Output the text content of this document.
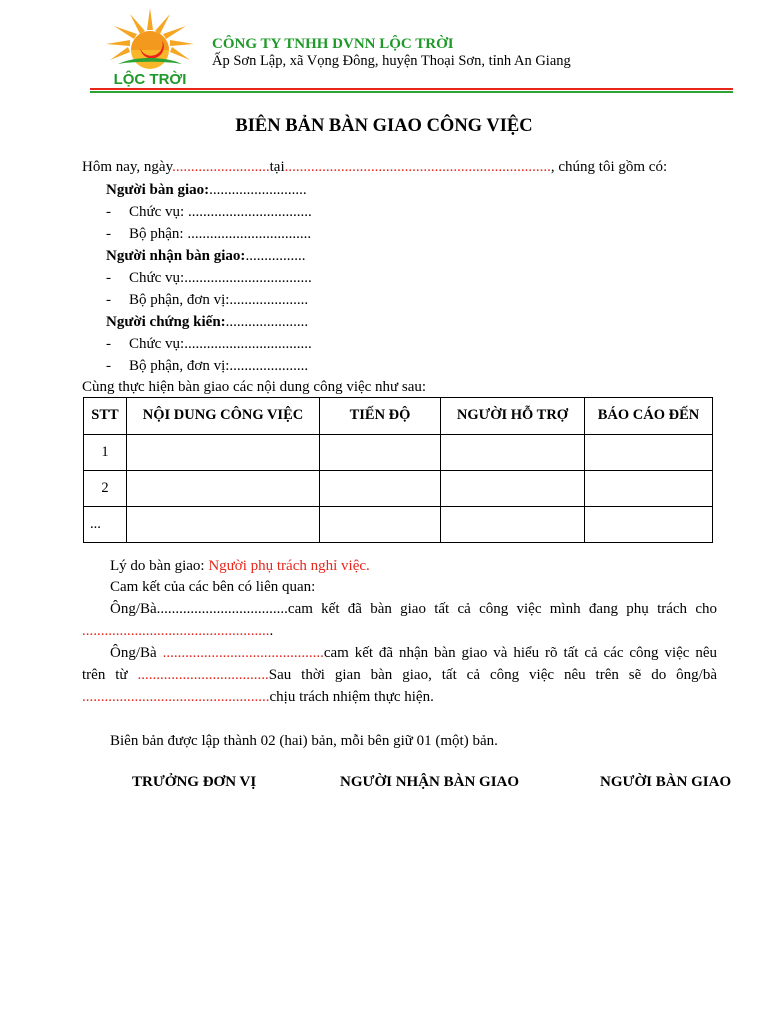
LỘC TRỜI
CÔNG TY TNHH DVNN LỘC TRỜI
Ấp Sơn Lập, xã Vọng Đông, huyện Thoại Sơn, tỉnh An Giang
BIÊN BẢN BÀN GIAO CÔNG VIỆC
Hôm nay, ngày..........................tại......................................................................., chúng tôi gồm có:
Người bàn giao:..........................
- Chức vụ: .................................
- Bộ phận: .................................
Người nhận bàn giao:................
- Chức vụ:..................................
- Bộ phận, đơn vị:.....................
Người chứng kiến:......................
- Chức vụ:..................................
- Bộ phận, đơn vị:.....................
Cùng thực hiện bàn giao các nội dung công việc như sau:
STT	NỘI DUNG CÔNG VIỆC	TIẾN ĐỘ	NGƯỜI HỖ TRỢ	BÁO CÁO ĐẾN
1				
2				
...				
Lý do bàn giao: Người phụ trách nghỉ việc.
Cam kết của các bên có liên quan:
Ông/Bà...................................cam kết đã bàn giao tất cả công việc mình đang phụ trách cho
...................................................
Ông/Bà ...........................................cam kết đã nhận bàn giao và hiểu rõ tất cả các công việc nêu
trên từ ...................................Sau thời gian bàn giao, tất cả công việc nêu trên sẽ do ông/bà
..................................................chịu trách nhiệm thực hiện.
Biên bản được lập thành 02 (hai) bản, mỗi bên giữ 01 (một) bản.
TRƯỞNG ĐƠN VỊ	NGƯỜI NHẬN BÀN GIAO	NGƯỜI BÀN GIAO
